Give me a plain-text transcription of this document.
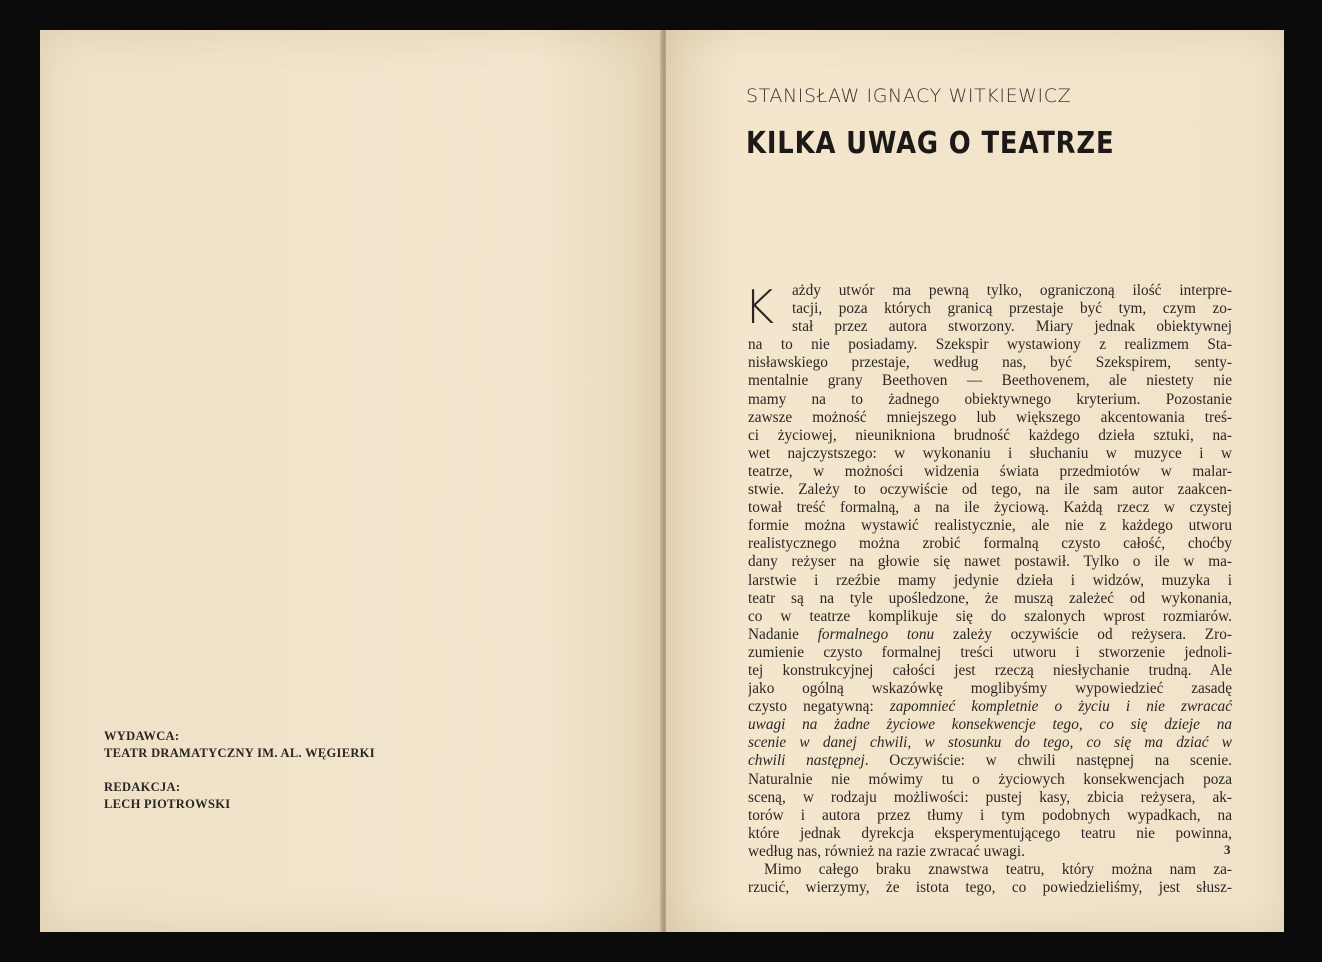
WYDAWCA:
TEATR DRAMATYCZNY IM. AL. WĘGIERKI
REDAKCJA:
LECH PIOTROWSKI
STANISŁAW IGNACY WITKIEWICZ
KILKA UWAG O TEATRZE
K	ażdy utwór ma pewną tylko, ograniczoną ilość interpre-
tacji, poza których granicą przestaje być tym, czym zo-
stał przez autora stworzony. Miary jednak obiektywnej
na to nie posiadamy. Szekspir wystawiony z realizmem Sta-
nisławskiego przestaje, według nas, być Szekspirem, senty-
mentalnie grany Beethoven — Beethovenem, ale niestety nie
mamy na to żadnego obiektywnego kryterium. Pozostanie
zawsze możność mniejszego lub większego akcentowania treś-
ci życiowej, nieunikniona brudność każdego dzieła sztuki, na-
wet najczystszego: w wykonaniu i słuchaniu w muzyce i w
teatrze, w możności widzenia świata przedmiotów w malar-
stwie. Zależy to oczywiście od tego, na ile sam autor zaakcen-
tował treść formalną, a na ile życiową. Każdą rzecz w czystej
formie można wystawić realistycznie, ale nie z każdego utworu
realistycznego można zrobić formalną czysto całość, choćby
dany reżyser na głowie się nawet postawił. Tylko o ile w ma-
larstwie i rzeźbie mamy jedynie dzieła i widzów, muzyka i
teatr są na tyle upośledzone, że muszą zależeć od wykonania,
co w teatrze komplikuje się do szalonych wprost rozmiarów.
Nadanie formalnego tonu zależy oczywiście od reżysera. Zro-
zumienie czysto formalnej treści utworu i stworzenie jednoli-
tej konstrukcyjnej całości jest rzeczą niesłychanie trudną. Ale
jako ogólną wskazówkę moglibyśmy wypowiedzieć zasadę
czysto negatywną: zapomnieć kompletnie o życiu i nie zwracać
uwagi na żadne życiowe konsekwencje tego, co się dzieje na
scenie w danej chwili, w stosunku do tego, co się ma dziać w
chwili następnej. Oczywiście: w chwili następnej na scenie.
Naturalnie nie mówimy tu o życiowych konsekwencjach poza
sceną, w rodzaju możliwości: pustej kasy, zbicia reżysera, ak-
torów i autora przez tłumy i tym podobnych wypadkach, na
które jednak dyrekcja eksperymentującego teatru nie powinna,
według nas, również na razie zwracać uwagi.
Mimo całego braku znawstwa teatru, który można nam za-
rzucić, wierzymy, że istota tego, co powiedzieliśmy, jest słusz-
3
